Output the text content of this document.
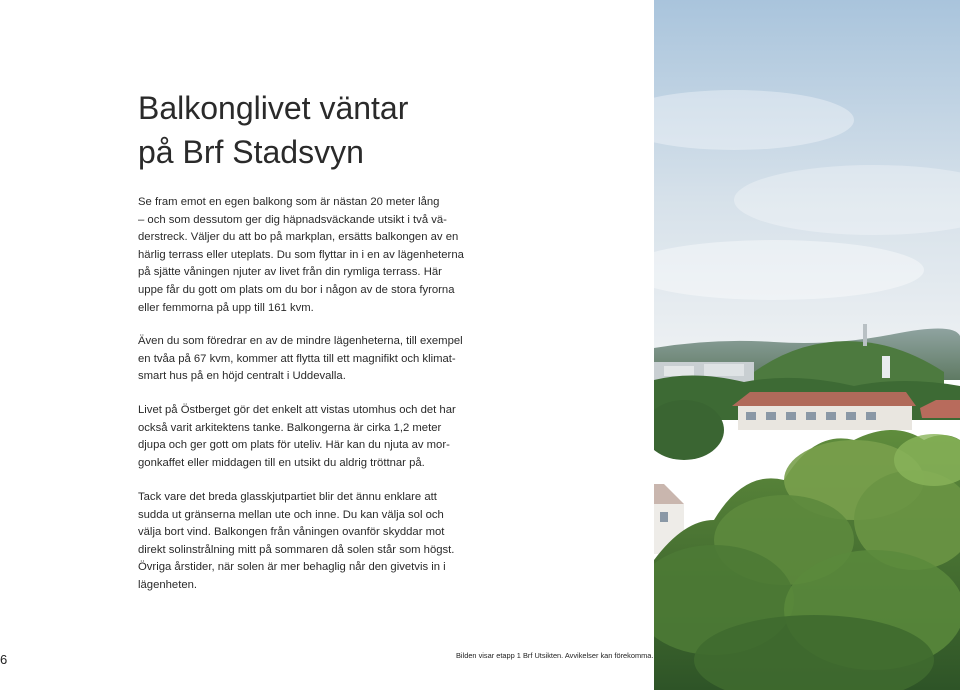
Balkonglivet väntar
på Brf Stadsvyn

Se fram emot en egen balkong som är nästan 20 meter lång
– och som dessutom ger dig häpnadsväckande utsikt i två vä-
derstreck. Väljer du att bo på markplan, ersätts balkongen av en
härlig terrass eller uteplats. Du som flyttar in i en av lägenheterna
på sjätte våningen njuter av livet från din rymliga terrass. Här
uppe får du gott om plats om du bor i någon av de stora fyrorna
eller femmorna på upp till 161 kvm.

Även du som föredrar en av de mindre lägenheterna, till exempel
en tvåa på 67 kvm, kommer att flytta till ett magnifikt och klimat-
smart hus på en höjd centralt i Uddevalla.

Livet på Östberget gör det enkelt att vistas utomhus och det har
också varit arkitektens tanke. Balkongerna är cirka 1,2 meter
djupa och ger gott om plats för uteliv. Här kan du njuta av mor-
gonkaffet eller middagen till en utsikt du aldrig tröttnar på.

Tack vare det breda glasskjutpartiet blir det ännu enklare att
sudda ut gränserna mellan ute och inne. Du kan välja sol och
välja bort vind. Balkongen från våningen ovanför skyddar mot
direkt solinstrålning mitt på sommaren då solen står som högst.
Övriga årstider, när solen är mer behaglig når den givetvis in i
lägenheten.

6	Bilden visar etapp 1 Brf Utsikten. Avvikelser kan förekomma.
